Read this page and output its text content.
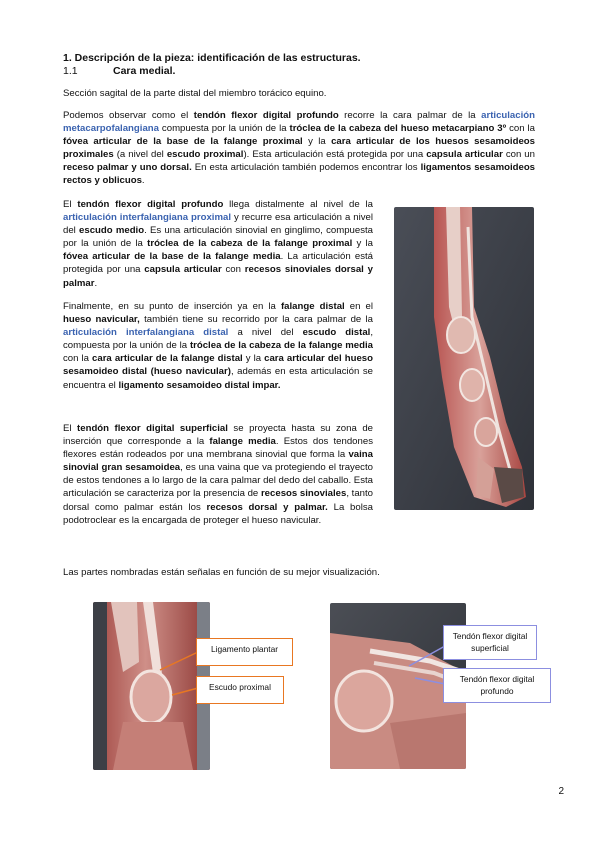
1. Descripción de la pieza: identificación de las estructuras.
1.1	Cara medial.
Sección sagital de la parte distal del miembro torácico equino.
Podemos observar como el tendón flexor digital profundo recorre la cara palmar de la articulación metacarpofalangiana compuesta por la unión de la tróclea de la cabeza del hueso metacarpiano 3º con la fóvea articular de la base de la falange proximal y la cara articular de los huesos sesamoideos proximales (a nivel del escudo proximal). Esta articulación está protegida por una capsula articular con un receso palmar y uno dorsal. En esta articulación también podemos encontrar los ligamentos sesamoideos rectos y oblicuos.
El tendón flexor digital profundo llega distalmente al nivel de la articulación interfalangiana proximal y recurre esa articulación a nivel del escudo medio. Es una articulación sinovial en ginglimo, compuesta por la unión de la tróclea de la cabeza de la falange proximal y la fóvea articular de la base de la falange media. La articulación está protegida por una capsula articular con recesos sinoviales dorsal y palmar.
Finalmente, en su punto de inserción ya en la falange distal en el hueso navicular, también tiene su recorrido por la cara palmar de la articulación interfalangiana distal a nivel del escudo distal, compuesta por la unión de la tróclea de la cabeza de la falange media con la cara articular de la falange distal y la cara articular del hueso sesamoideo distal (hueso navicular), además en esta articulación se encuentra el ligamento sesamoideo distal impar.
El tendón flexor digital superficial se proyecta hasta su zona de inserción que corresponde a la falange media. Estos dos tendones flexores están rodeados por una membrana sinovial que forma la vaina sinovial gran sesamoidea, es una vaina que va protegiendo el trayecto de estos tendones a lo largo de la cara palmar del dedo del caballo. Esta articulación se caracteriza por la presencia de recesos sinoviales, tanto dorsal como palmar están los recesos dorsal y palmar. La bolsa podotroclear es la encargada de proteger el hueso navicular.
Las partes nombradas están señalas en función de su mejor visualización.
Ligamento plantar
Escudo proximal
Tendón flexor digital superficial
Tendón flexor digital profundo
2
